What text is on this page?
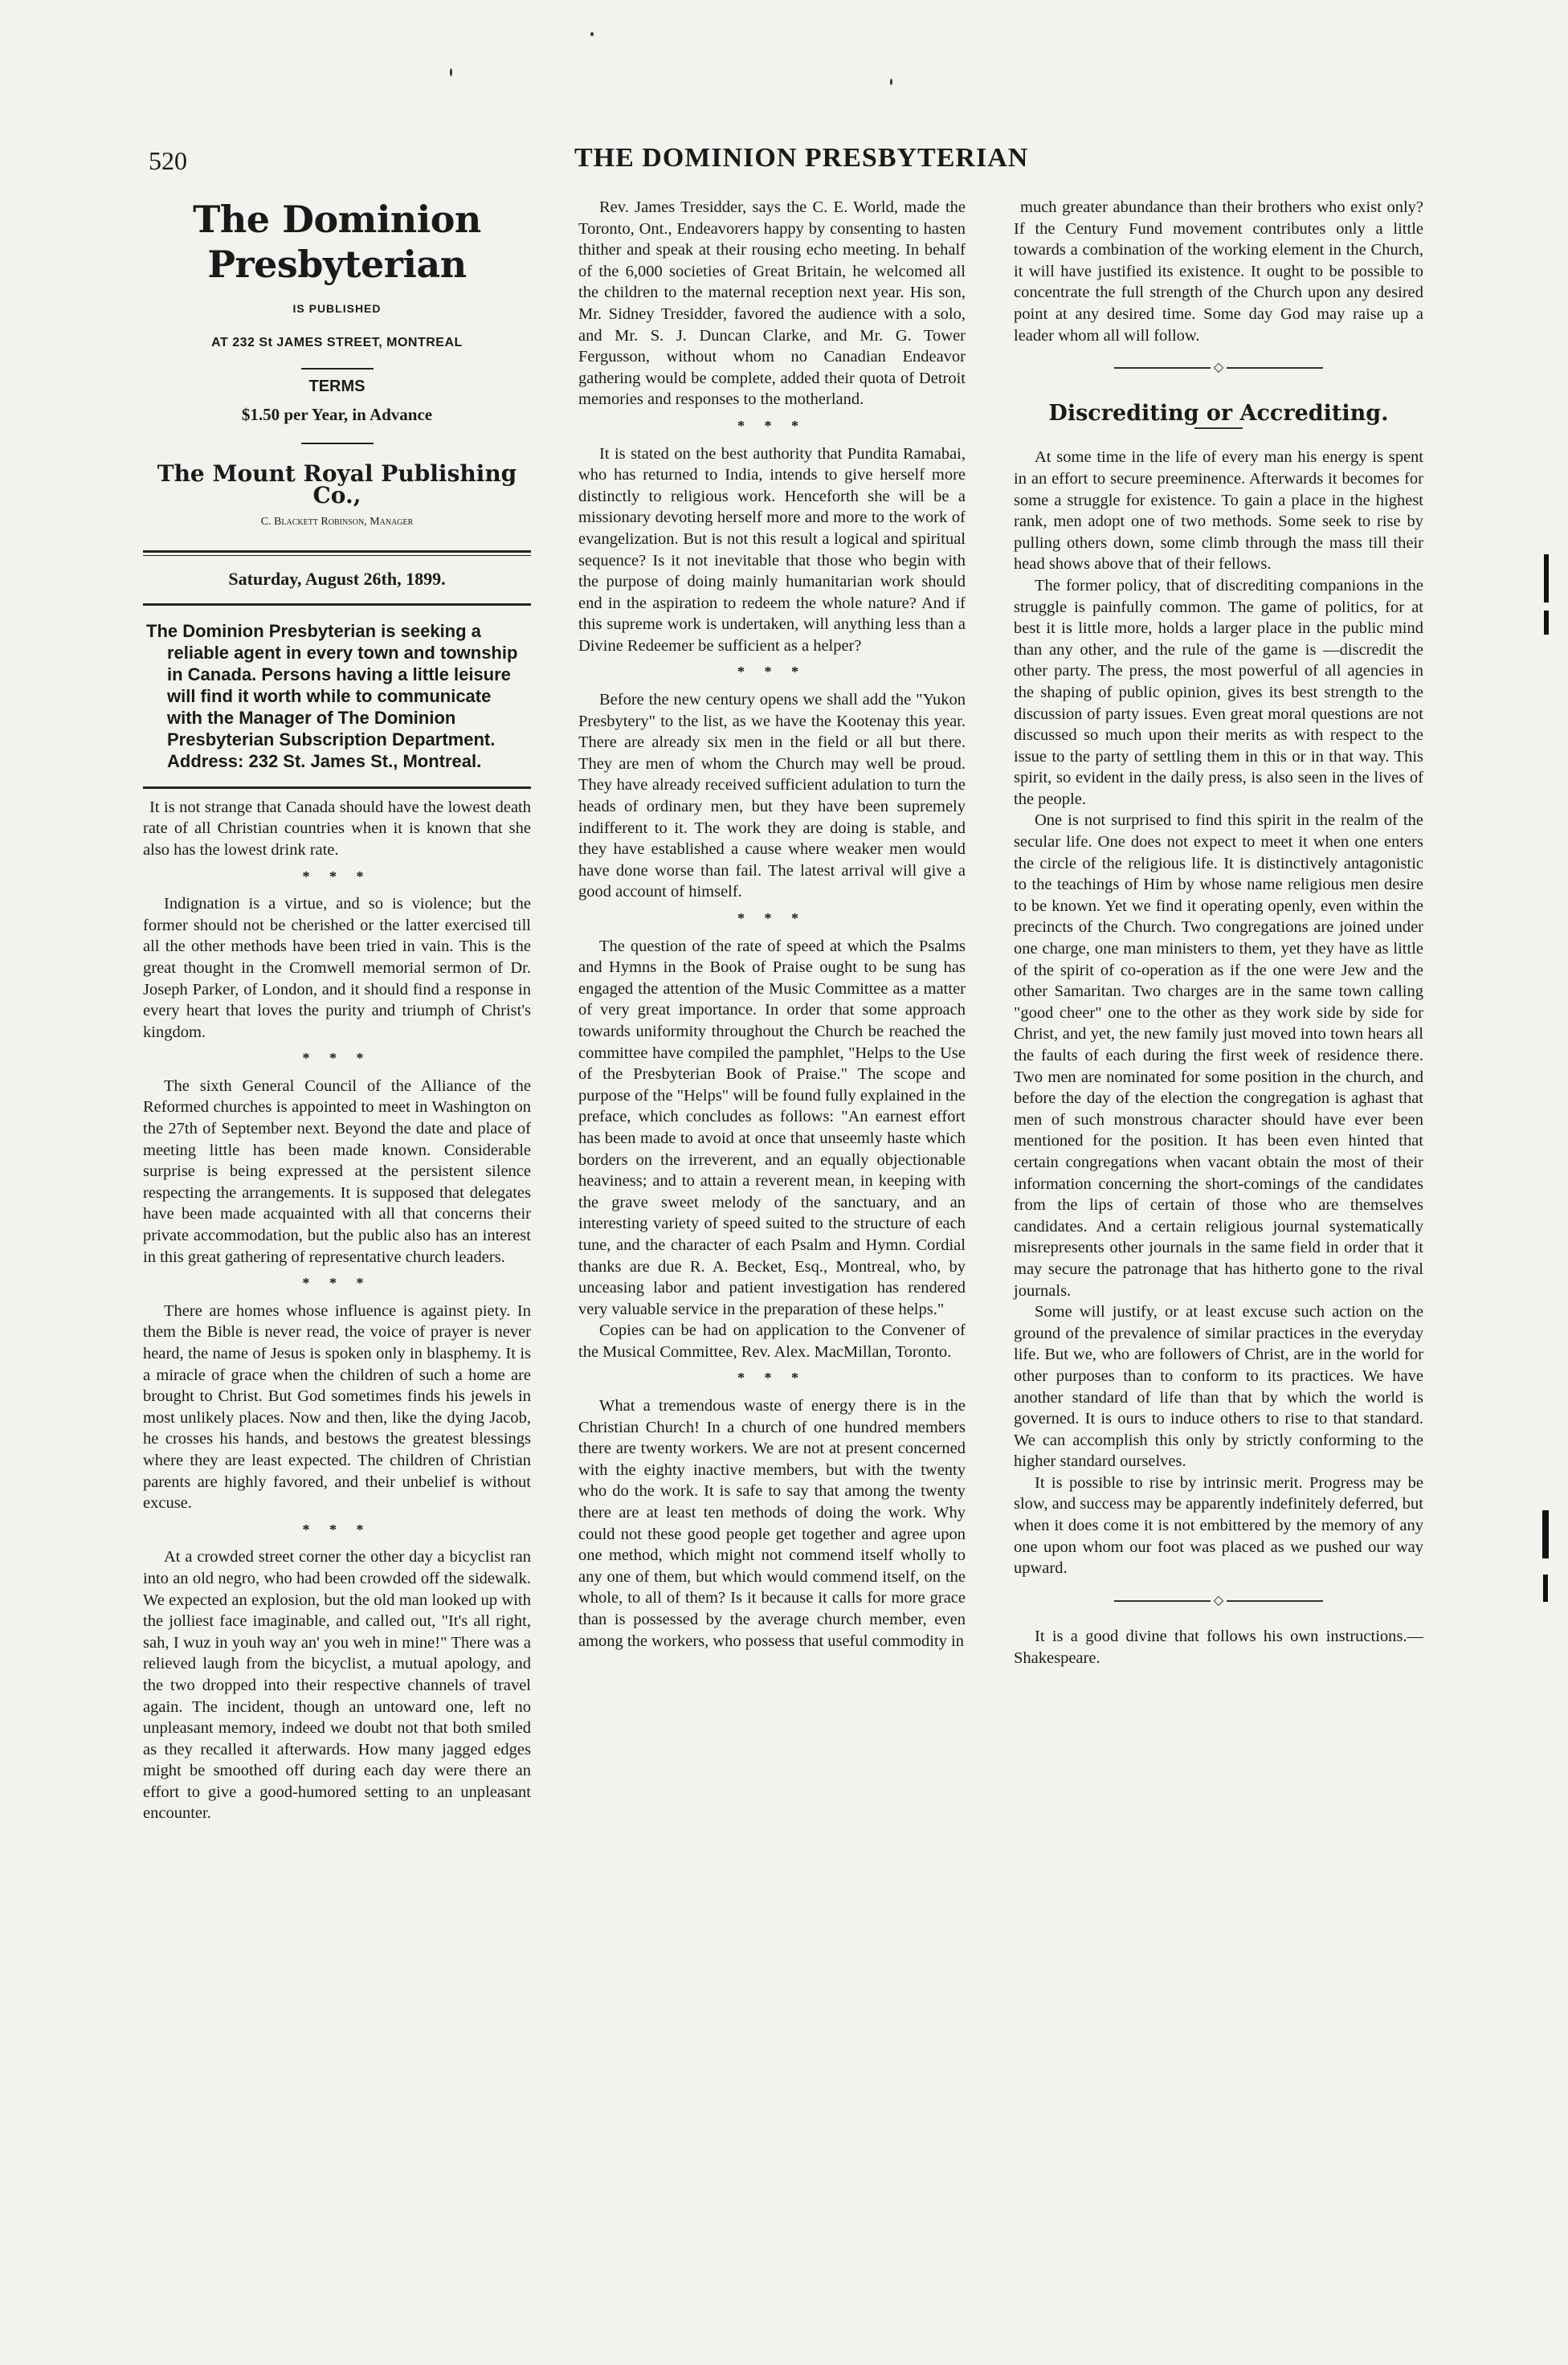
520	THE DOMINION PRESBYTERIAN
The Dominion Presbyterian
IS PUBLISHED
AT 232 St JAMES STREET, MONTREAL
TERMS
$1.50 per Year, in Advance
The Mount Royal Publishing Co.,
C. Blackett Robinson, Manager
Saturday, August 26th, 1899.

The Dominion Presbyterian is seeking a reliable agent in every town and township in Canada. Persons having a little leisure will find it worth while to communicate with the Manager of The Dominion Presbyterian Subscription Department. Address: 232 St. James St., Montreal.

It is not strange that Canada should have the lowest death rate of all Christian countries when it is known that she also has the lowest drink rate.

* * *

Indignation is a virtue, and so is violence; but the former should not be cherished or the latter exercised till all the other methods have been tried in vain. This is the great thought in the Cromwell memorial sermon of Dr. Joseph Parker, of London, and it should find a response in every heart that loves the purity and triumph of Christ's kingdom.

* * *

The sixth General Council of the Alliance of the Reformed churches is appointed to meet in Washington on the 27th of September next. Beyond the date and place of meeting little has been made known. Considerable surprise is being expressed at the persistent silence respecting the arrangements. It is supposed that delegates have been made acquainted with all that concerns their private accommodation, but the public also has an interest in this great gathering of representative church leaders.

* * *

There are homes whose influence is against piety. In them the Bible is never read, the voice of prayer is never heard, the name of Jesus is spoken only in blasphemy. It is a miracle of grace when the children of such a home are brought to Christ. But God sometimes finds his jewels in most unlikely places. Now and then, like the dying Jacob, he crosses his hands, and bestows the greatest blessings where they are least expected. The children of Christian parents are highly favored, and their unbelief is without excuse.

* * *

At a crowded street corner the other day a bicyclist ran into an old negro, who had been crowded off the sidewalk. We expected an explosion, but the old man looked up with the jolliest face imaginable, and called out, "It's all right, sah, I wuz in youh way an' you weh in mine!" There was a relieved laugh from the bicyclist, a mutual apology, and the two dropped into their respective channels of travel again. The incident, though an untoward one, left no unpleasant memory, indeed we doubt not that both smiled as they recalled it afterwards. How many jagged edges might be smoothed off during each day were there an effort to give a good-humored setting to an unpleasant encounter.

Rev. James Tresidder, says the C. E. World, made the Toronto, Ont., Endeavorers happy by consenting to hasten thither and speak at their rousing echo meeting. In behalf of the 6,000 societies of Great Britain, he welcomed all the children to the maternal reception next year. His son, Mr. Sidney Tresidder, favored the audience with a solo, and Mr. S. J. Duncan Clarke, and Mr. G. Tower Fergusson, without whom no Canadian Endeavor gathering would be complete, added their quota of Detroit memories and responses to the motherland.

* * *

It is stated on the best authority that Pundita Ramabai, who has returned to India, intends to give herself more distinctly to religious work. Henceforth she will be a missionary devoting herself more and more to the work of evangelization. But is not this result a logical and spiritual sequence? Is it not inevitable that those who begin with the purpose of doing mainly humanitarian work should end in the aspiration to redeem the whole nature? And if this supreme work is undertaken, will anything less than a Divine Redeemer be sufficient as a helper?

* * *

Before the new century opens we shall add the "Yukon Presbytery" to the list, as we have the Kootenay this year. There are already six men in the field or all but there. They are men of whom the Church may well be proud. They have already received sufficient adulation to turn the heads of ordinary men, but they have been supremely indifferent to it. The work they are doing is stable, and they have established a cause where weaker men would have done worse than fail. The latest arrival will give a good account of himself.

* * *

The question of the rate of speed at which the Psalms and Hymns in the Book of Praise ought to be sung has engaged the attention of the Music Committee as a matter of very great importance. In order that some approach towards uniformity throughout the Church be reached the committee have compiled the pamphlet, "Helps to the Use of the Presbyterian Book of Praise." The scope and purpose of the "Helps" will be found fully explained in the preface, which concludes as follows: "An earnest effort has been made to avoid at once that unseemly haste which borders on the irreverent, and an equally objectionable heaviness; and to attain a reverent mean, in keeping with the grave sweet melody of the sanctuary, and an interesting variety of speed suited to the structure of each tune, and the character of each Psalm and Hymn. Cordial thanks are due R. A. Becket, Esq., Montreal, who, by unceasing labor and patient investigation has rendered very valuable service in the preparation of these helps."

Copies can be had on application to the Convener of the Musical Committee, Rev. Alex. MacMillan, Toronto.

* * *

What a tremendous waste of energy there is in the Christian Church! In a church of one hundred members there are twenty workers. We are not at present concerned with the eighty inactive members, but with the twenty who do the work. It is safe to say that among the twenty there are at least ten methods of doing the work. Why could not these good people get together and agree upon one method, which might not commend itself wholly to any one of them, but which would commend itself, on the whole, to all of them? Is it because it calls for more grace than is possessed by the average church member, even among the workers, who possess that useful commodity in

much greater abundance than their brothers who exist only? If the Century Fund movement contributes only a little towards a combination of the working element in the Church, it will have justified its existence. It ought to be possible to concentrate the full strength of the Church upon any desired point at any desired time. Some day God may raise up a leader whom all will follow.

◇
Discrediting or Accrediting.

At some time in the life of every man his energy is spent in an effort to secure preeminence. Afterwards it becomes for some a struggle for existence. To gain a place in the highest rank, men adopt one of two methods. Some seek to rise by pulling others down, some climb through the mass till their head shows above that of their fellows.

The former policy, that of discrediting companions in the struggle is painfully common. The game of politics, for at best it is little more, holds a larger place in the public mind than any other, and the rule of the game is —discredit the other party. The press, the most powerful of all agencies in the shaping of public opinion, gives its best strength to the discussion of party issues. Even great moral questions are not discussed so much upon their merits as with respect to the issue to the party of settling them in this or in that way. This spirit, so evident in the daily press, is also seen in the lives of the people.

One is not surprised to find this spirit in the realm of the secular life. One does not expect to meet it when one enters the circle of the religious life. It is distinctively antagonistic to the teachings of Him by whose name religious men desire to be known. Yet we find it operating openly, even within the precincts of the Church. Two congregations are joined under one charge, one man ministers to them, yet they have as little of the spirit of co-operation as if the one were Jew and the other Samaritan. Two charges are in the same town calling "good cheer" one to the other as they work side by side for Christ, and yet, the new family just moved into town hears all the faults of each during the first week of residence there. Two men are nominated for some position in the church, and before the day of the election the congregation is aghast that men of such monstrous character should have ever been mentioned for the position. It has been even hinted that certain congregations when vacant obtain the most of their information concerning the short-comings of the candidates from the lips of certain of those who are themselves candidates. And a certain religious journal systematically misrepresents other journals in the same field in order that it may secure the patronage that has hitherto gone to the rival journals.

Some will justify, or at least excuse such action on the ground of the prevalence of similar practices in the everyday life. But we, who are followers of Christ, are in the world for other purposes than to conform to its practices. We have another standard of life than that by which the world is governed. It is ours to induce others to rise to that standard. We can accomplish this only by strictly conforming to the higher standard ourselves.

It is possible to rise by intrinsic merit. Progress may be slow, and success may be apparently indefinitely deferred, but when it does come it is not embittered by the memory of any one upon whom our foot was placed as we pushed our way upward.

◇

It is a good divine that follows his own instructions.—Shakespeare.
